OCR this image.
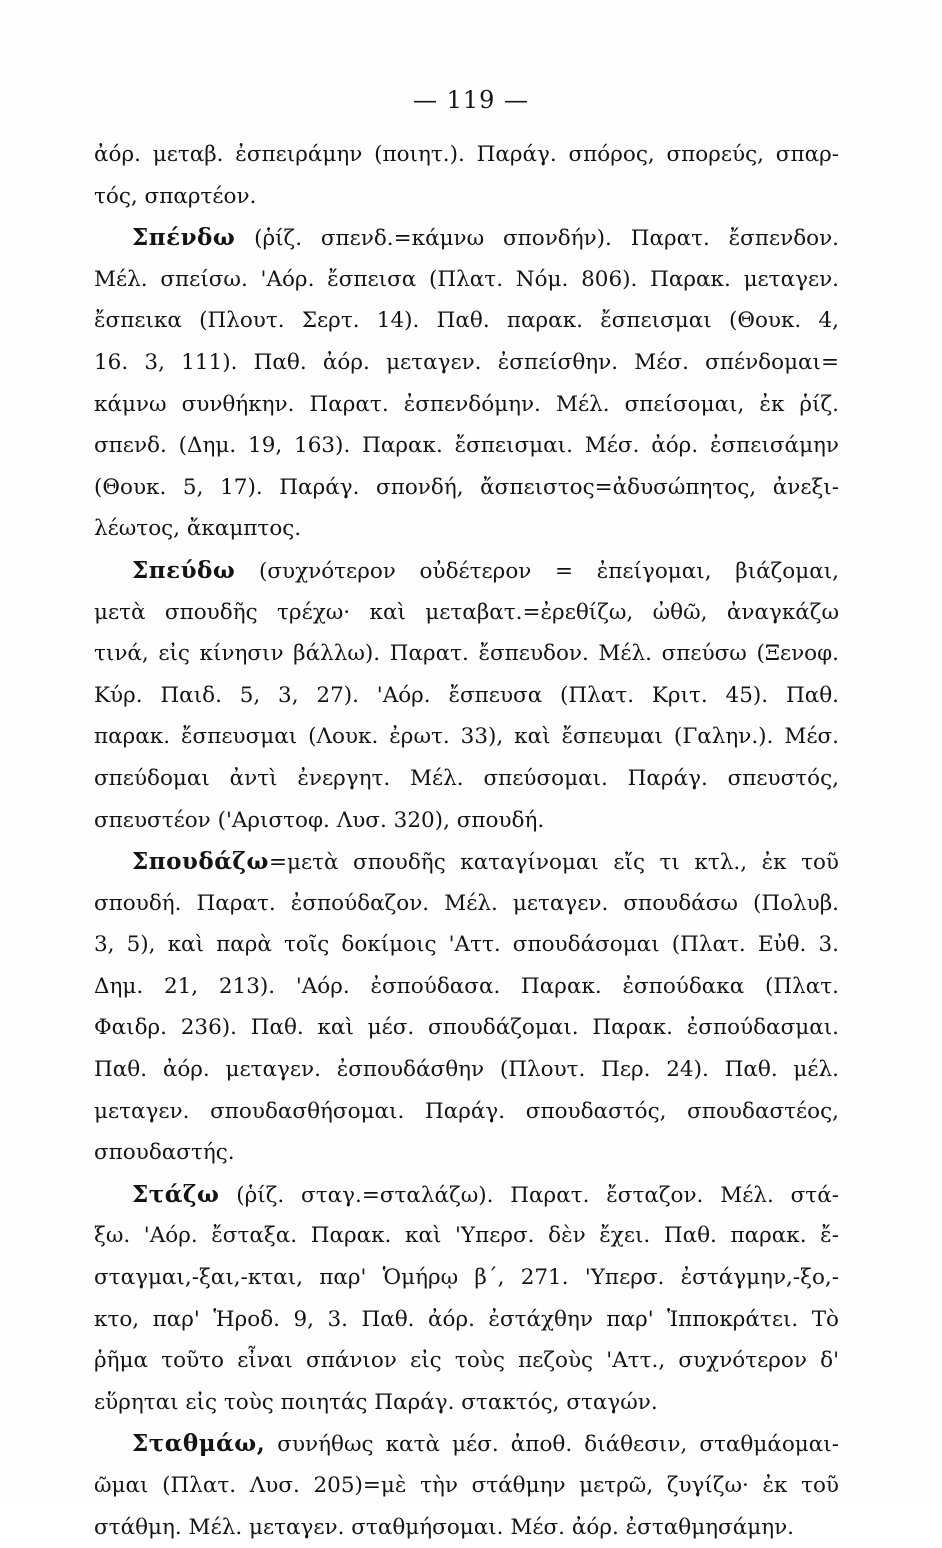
— 119 —
ἀόρ. μεταβ. ἐσπειράμην (ποιητ.). Παράγ. σπόρος, σπορεύς, σπαρ-
τός, σπαρτέον.
Σπένδω (ῥίζ. σπενδ.=κάμνω σπονδήν). Παρατ. ἔσπενδον.
Μέλ. σπείσω. 'Αόρ. ἔσπεισα (Πλατ. Νόμ. 806). Παρακ. μεταγεν.
ἔσπεικα (Πλουτ. Σερτ. 14). Παθ. παρακ. ἔσπεισμαι (Θουκ. 4,
16. 3, 111). Παθ. ἀόρ. μεταγεν. ἐσπείσθην. Μέσ. σπένδομαι=
κάμνω συνθήκην. Παρατ. ἐσπενδόμην. Μέλ. σπείσομαι, ἐκ ῥίζ.
σπενδ. (Δημ. 19, 163). Παρακ. ἔσπεισμαι. Μέσ. ἀόρ. ἐσπεισάμην
(Θουκ. 5, 17). Παράγ. σπονδή, ἄσπειστος=ἀδυσώπητος, ἀνεξι-
λέωτος, ἄκαμπτος.
Σπεύδω (συχνότερον οὐδέτερον = ἐπείγομαι, βιάζομαι,
μετὰ σπουδῆς τρέχω· καὶ μεταβατ.=ἐρεθίζω, ὠθῶ, ἀναγκάζω
τινά, εἰς κίνησιν βάλλω). Παρατ. ἔσπευδον. Μέλ. σπεύσω (Ξενοφ.
Κύρ. Παιδ. 5, 3, 27). 'Αόρ. ἔσπευσα (Πλατ. Κριτ. 45). Παθ.
παρακ. ἔσπευσμαι (Λουκ. ἐρωτ. 33), καὶ ἔσπευμαι (Γαλην.). Μέσ.
σπεύδομαι ἀντὶ ἐνεργητ. Μέλ. σπεύσομαι. Παράγ. σπευστός,
σπευστέον ('Αριστοφ. Λυσ. 320), σπουδή.
Σπουδάζω=μετὰ σπουδῆς καταγίνομαι εἴς τι κτλ., ἐκ τοῦ
σπουδή. Παρατ. ἐσπούδαζον. Μέλ. μεταγεν. σπουδάσω (Πολυβ.
3, 5), καὶ παρὰ τοῖς δοκίμοις 'Αττ. σπουδάσομαι (Πλατ. Εὐθ. 3.
Δημ. 21, 213). 'Αόρ. ἐσπούδασα. Παρακ. ἐσπούδακα (Πλατ.
Φαιδρ. 236). Παθ. καὶ μέσ. σπουδάζομαι. Παρακ. ἐσπούδασμαι.
Παθ. ἀόρ. μεταγεν. ἐσπουδάσθην (Πλουτ. Περ. 24). Παθ. μέλ.
μεταγεν. σπουδασθήσομαι. Παράγ. σπουδαστός, σπουδαστέος,
σπουδαστής.
Στάζω (ῥίζ. σταγ.=σταλάζω). Παρατ. ἔσταζον. Μέλ. στά-
ξω. 'Αόρ. ἔσταξα. Παρακ. καὶ 'Υπερσ. δὲν ἔχει. Παθ. παρακ. ἔ-
σταγμαι,-ξαι,-κται, παρ' Ὁμήρῳ β΄, 271. 'Υπερσ. ἐστάγμην,-ξο,-
κτο, παρ' Ἡροδ. 9, 3. Παθ. ἀόρ. ἐστάχθην παρ' Ἱπποκράτει. Τὸ
ῥῆμα τοῦτο εἶναι σπάνιον εἰς τοὺς πεζοὺς 'Αττ., συχνότερον δ'
εὕρηται εἰς τοὺς ποιητάς Παράγ. στακτός, σταγών.
Σταθμάω, συνήθως κατὰ μέσ. ἀποθ. διάθεσιν, σταθμάομαι-
ῶμαι (Πλατ. Λυσ. 205)=μὲ τὴν στάθμην μετρῶ, ζυγίζω· ἐκ τοῦ
στάθμη. Μέλ. μεταγεν. σταθμήσομαι. Μέσ. ἀόρ. ἐσταθμησάμην.
